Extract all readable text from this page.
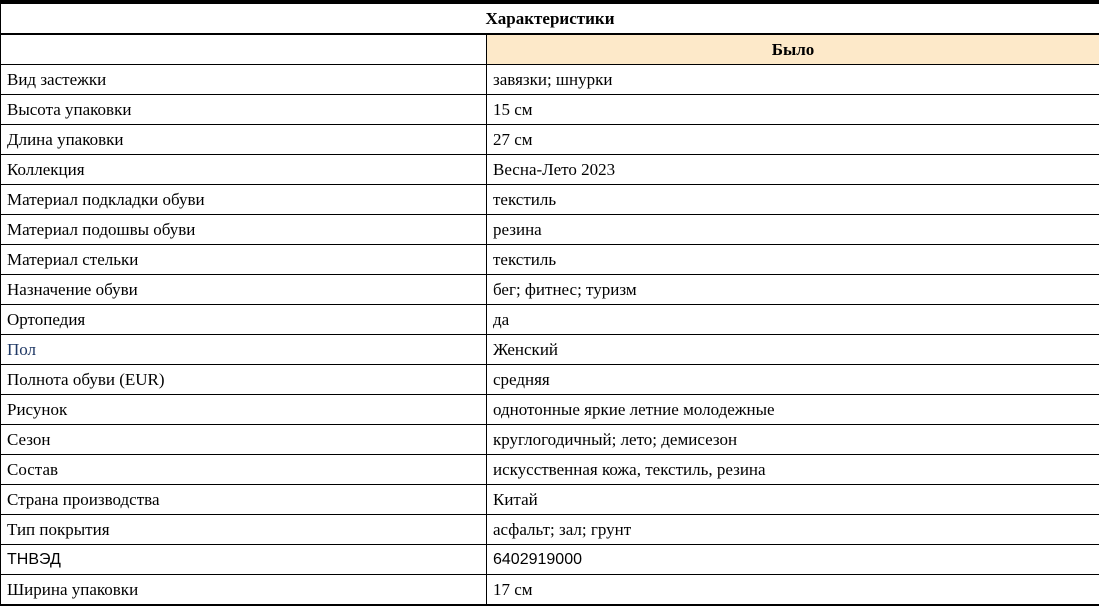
Характеристики	
	Было
Вид застежки	завязки; шнурки
Высота упаковки	15 см
Длина упаковки	27 см
Коллекция	Весна-Лето 2023
Материал подкладки обуви	текстиль
Материал подошвы обуви	резина
Материал стельки	текстиль
Назначение обуви	бег; фитнес; туризм
Ортопедия	да
Пол	Женский
Полнота обуви (EUR)	средняя
Рисунок	однотонные яркие летние молодежные
Сезон	круглогодичный; лето; демисезон
Состав	искусственная кожа, текстиль, резина
Страна производства	Китай
Тип покрытия	асфальт; зал; грунт
ТНВЭД	6402919000
Ширина упаковки	17 см
